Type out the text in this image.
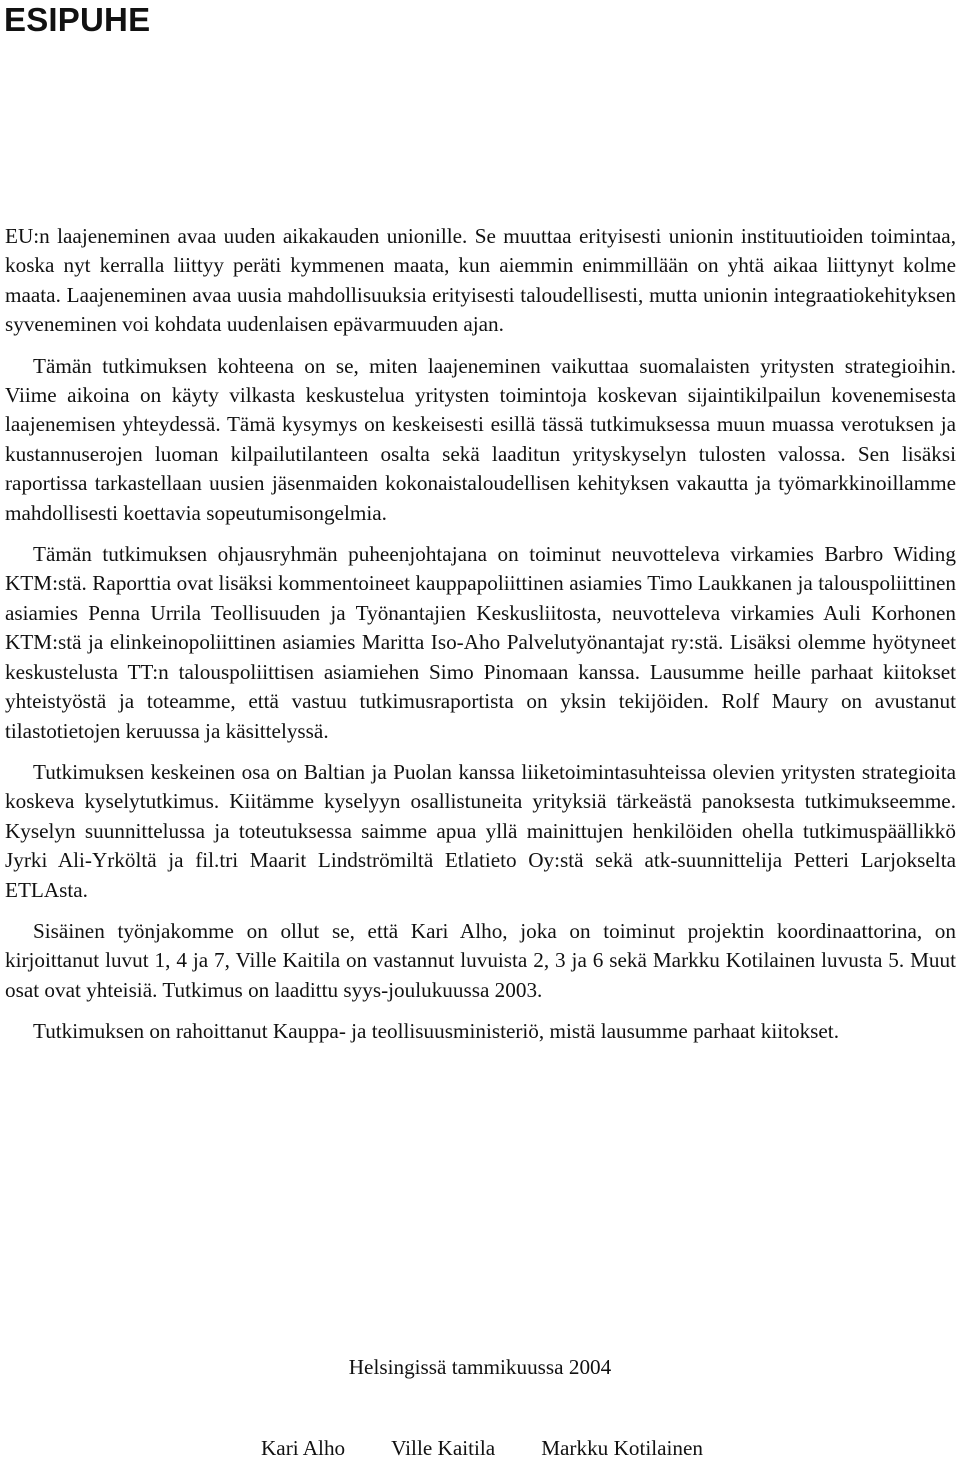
ESIPUHE

EU:n laajeneminen avaa uuden aikakauden unionille. Se muuttaa erityisesti unionin instituutioiden toimintaa, koska nyt kerralla liittyy peräti kymmenen maata, kun aiemmin enimmillään on yhtä aikaa liittynyt kolme maata. Laajeneminen avaa uusia mahdollisuuksia erityisesti taloudellisesti, mutta unionin integraatiokehityksen syveneminen voi kohdata uudenlaisen epävarmuuden ajan.

Tämän tutkimuksen kohteena on se, miten laajeneminen vaikuttaa suomalaisten yritysten strategioihin. Viime aikoina on käyty vilkasta keskustelua yritysten toimintoja koskevan sijaintikilpailun kovenemisesta laajenemisen yhteydessä. Tämä kysymys on keskeisesti esillä tässä tutkimuksessa muun muassa verotuksen ja kustannuserojen luoman kilpailutilanteen osalta sekä laaditun yrityskyselyn tulosten valossa. Sen lisäksi raportissa tarkastellaan uusien jäsenmaiden kokonaistaloudellisen kehityksen vakautta ja työmarkkinoillamme mahdollisesti koettavia sopeutumisongelmia.

Tämän tutkimuksen ohjausryhmän puheenjohtajana on toiminut neuvotteleva virkamies Barbro Widing KTM:stä. Raporttia ovat lisäksi kommentoineet kauppapoliittinen asiamies Timo Laukkanen ja talouspoliittinen asiamies Penna Urrila Teollisuuden ja Työnantajien Keskusliitosta, neuvotteleva virkamies Auli Korhonen KTM:stä ja elinkeinopoliittinen asiamies Maritta Iso-Aho Palvelutyönantajat ry:stä. Lisäksi olemme hyötyneet keskustelusta TT:n talouspoliittisen asiamiehen Simo Pinomaan kanssa. Lausumme heille parhaat kiitokset yhteistyöstä ja toteamme, että vastuu tutkimusraportista on yksin tekijöiden. Rolf Maury on avustanut tilastotietojen keruussa ja käsittelyssä.

Tutkimuksen keskeinen osa on Baltian ja Puolan kanssa liiketoimintasuhteissa olevien yritysten strategioita koskeva kyselytutkimus. Kiitämme kyselyyn osallistuneita yrityksiä tärkeästä panoksesta tutkimukseemme. Kyselyn suunnittelussa ja toteutuksessa saimme apua yllä mainittujen henkilöiden ohella tutkimuspäällikkö Jyrki Ali-Yrköltä ja fil.tri Maarit Lindströmiltä Etlatieto Oy:stä sekä atk-suunnittelija Petteri Larjokselta ETLAsta.

Sisäinen työnjakomme on ollut se, että Kari Alho, joka on toiminut projektin koordinaattorina, on kirjoittanut luvut 1, 4 ja 7, Ville Kaitila on vastannut luvuista 2, 3 ja 6 sekä Markku Kotilainen luvusta 5. Muut osat ovat yhteisiä. Tutkimus on laadittu syys-joulukuussa 2003.

Tutkimuksen on rahoittanut Kauppa- ja teollisuusministeriö, mistä lausumme parhaat kiitokset.

Helsingissä tammikuussa 2004

Kari Alho Ville Kaitila Markku Kotilainen
